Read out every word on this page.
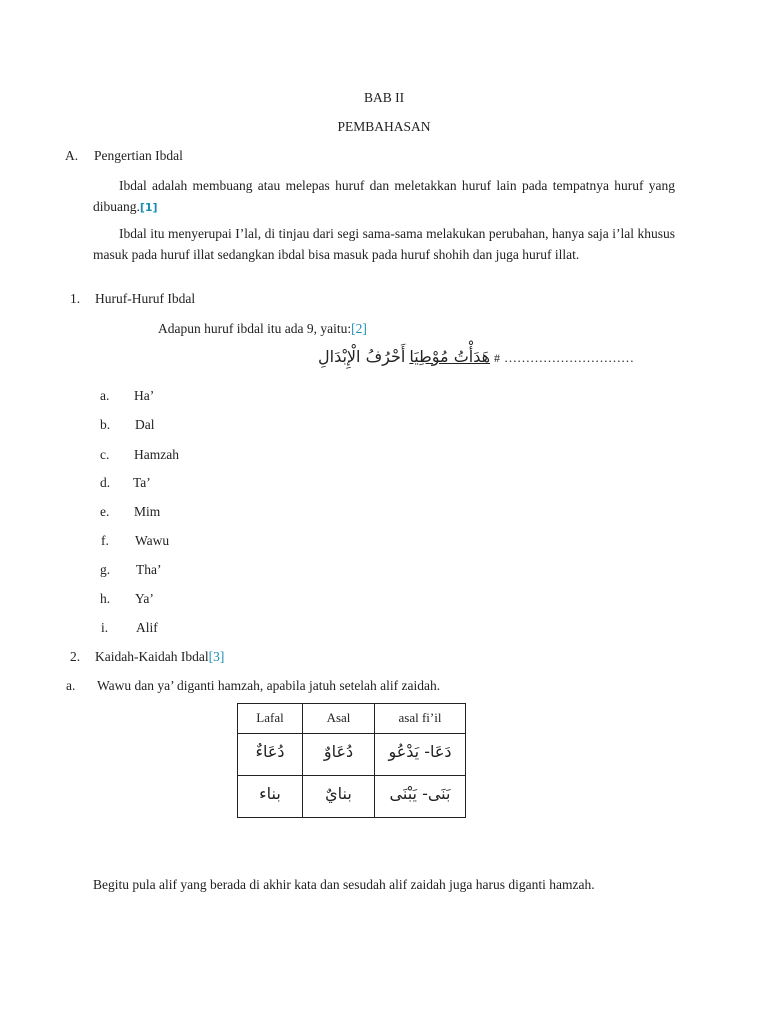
BAB II
PEMBAHASAN
A. Pengertian Ibdal
Ibdal adalah membuang atau melepas huruf dan meletakkan huruf lain pada tempatnya huruf yang dibuang.[1]
Ibdal itu menyerupai I’lal, di tinjau dari segi sama-sama melakukan perubahan, hanya saja i’lal khusus masuk pada huruf illat sedangkan ibdal bisa masuk pada huruf shohih dan juga huruf illat.
1. Huruf-Huruf Ibdal
Adapun huruf ibdal itu ada 9, yaitu:[2]
هَدَأْتُ مُوْطِيَا أَحْرُفُ الْإِبْدَالِ	# …………………………
a. Ha’
b. Dal
c. Hamzah
d. Ta’
e. Mim
f. Wawu
g. Tha’
h. Ya’
i. Alif
2. Kaidah-Kaidah Ibdal[3]
a. Wawu dan ya’ diganti hamzah, apabila jatuh setelah alif zaidah.
Lafal	Asal	asal fi’il
دُعَاءٌ	دُعَاوٌ	دَعَا- يَدْعُو
بناء	بنايٌ	بَنَى- يَبْنَى
Begitu pula alif yang berada di akhir kata dan sesudah alif zaidah juga harus diganti hamzah.
